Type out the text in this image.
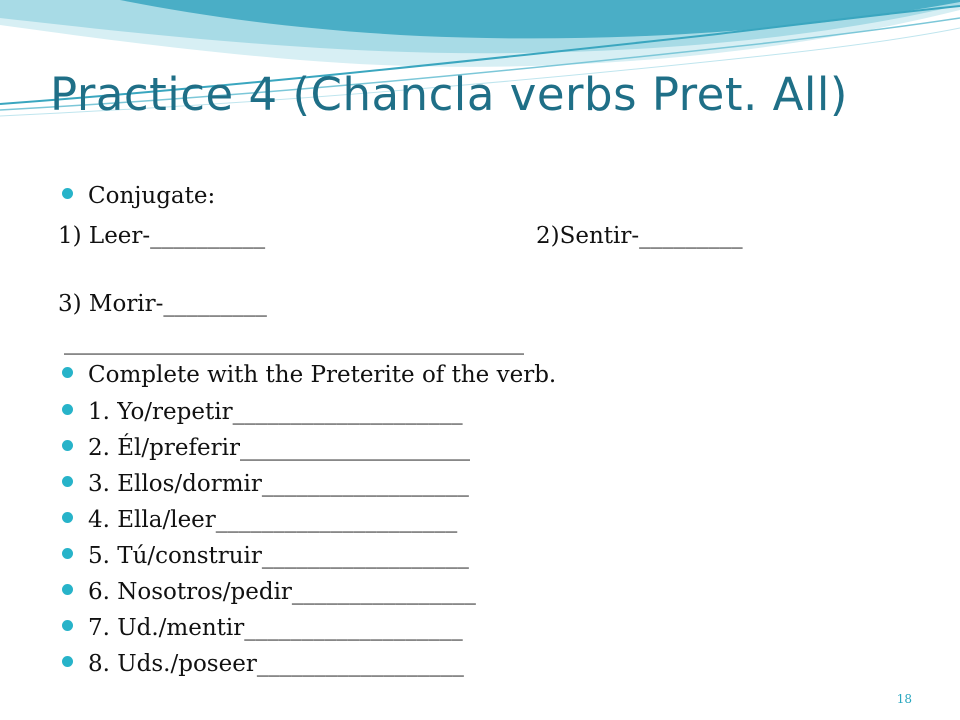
Practice 4 (Chancla verbs Pret. All)
Conjugate:
1) Leer-__________	2)Sentir-_________
3) Morir-_________
________________________________________
Complete with the Preterite of the verb.
1. Yo/repetir____________________
2. Él/preferir____________________
3. Ellos/dormir__________________
4. Ella/leer_____________________
5. Tú/construir__________________
6. Nosotros/pedir________________
7. Ud./mentir___________________
8. Uds./poseer__________________
18
